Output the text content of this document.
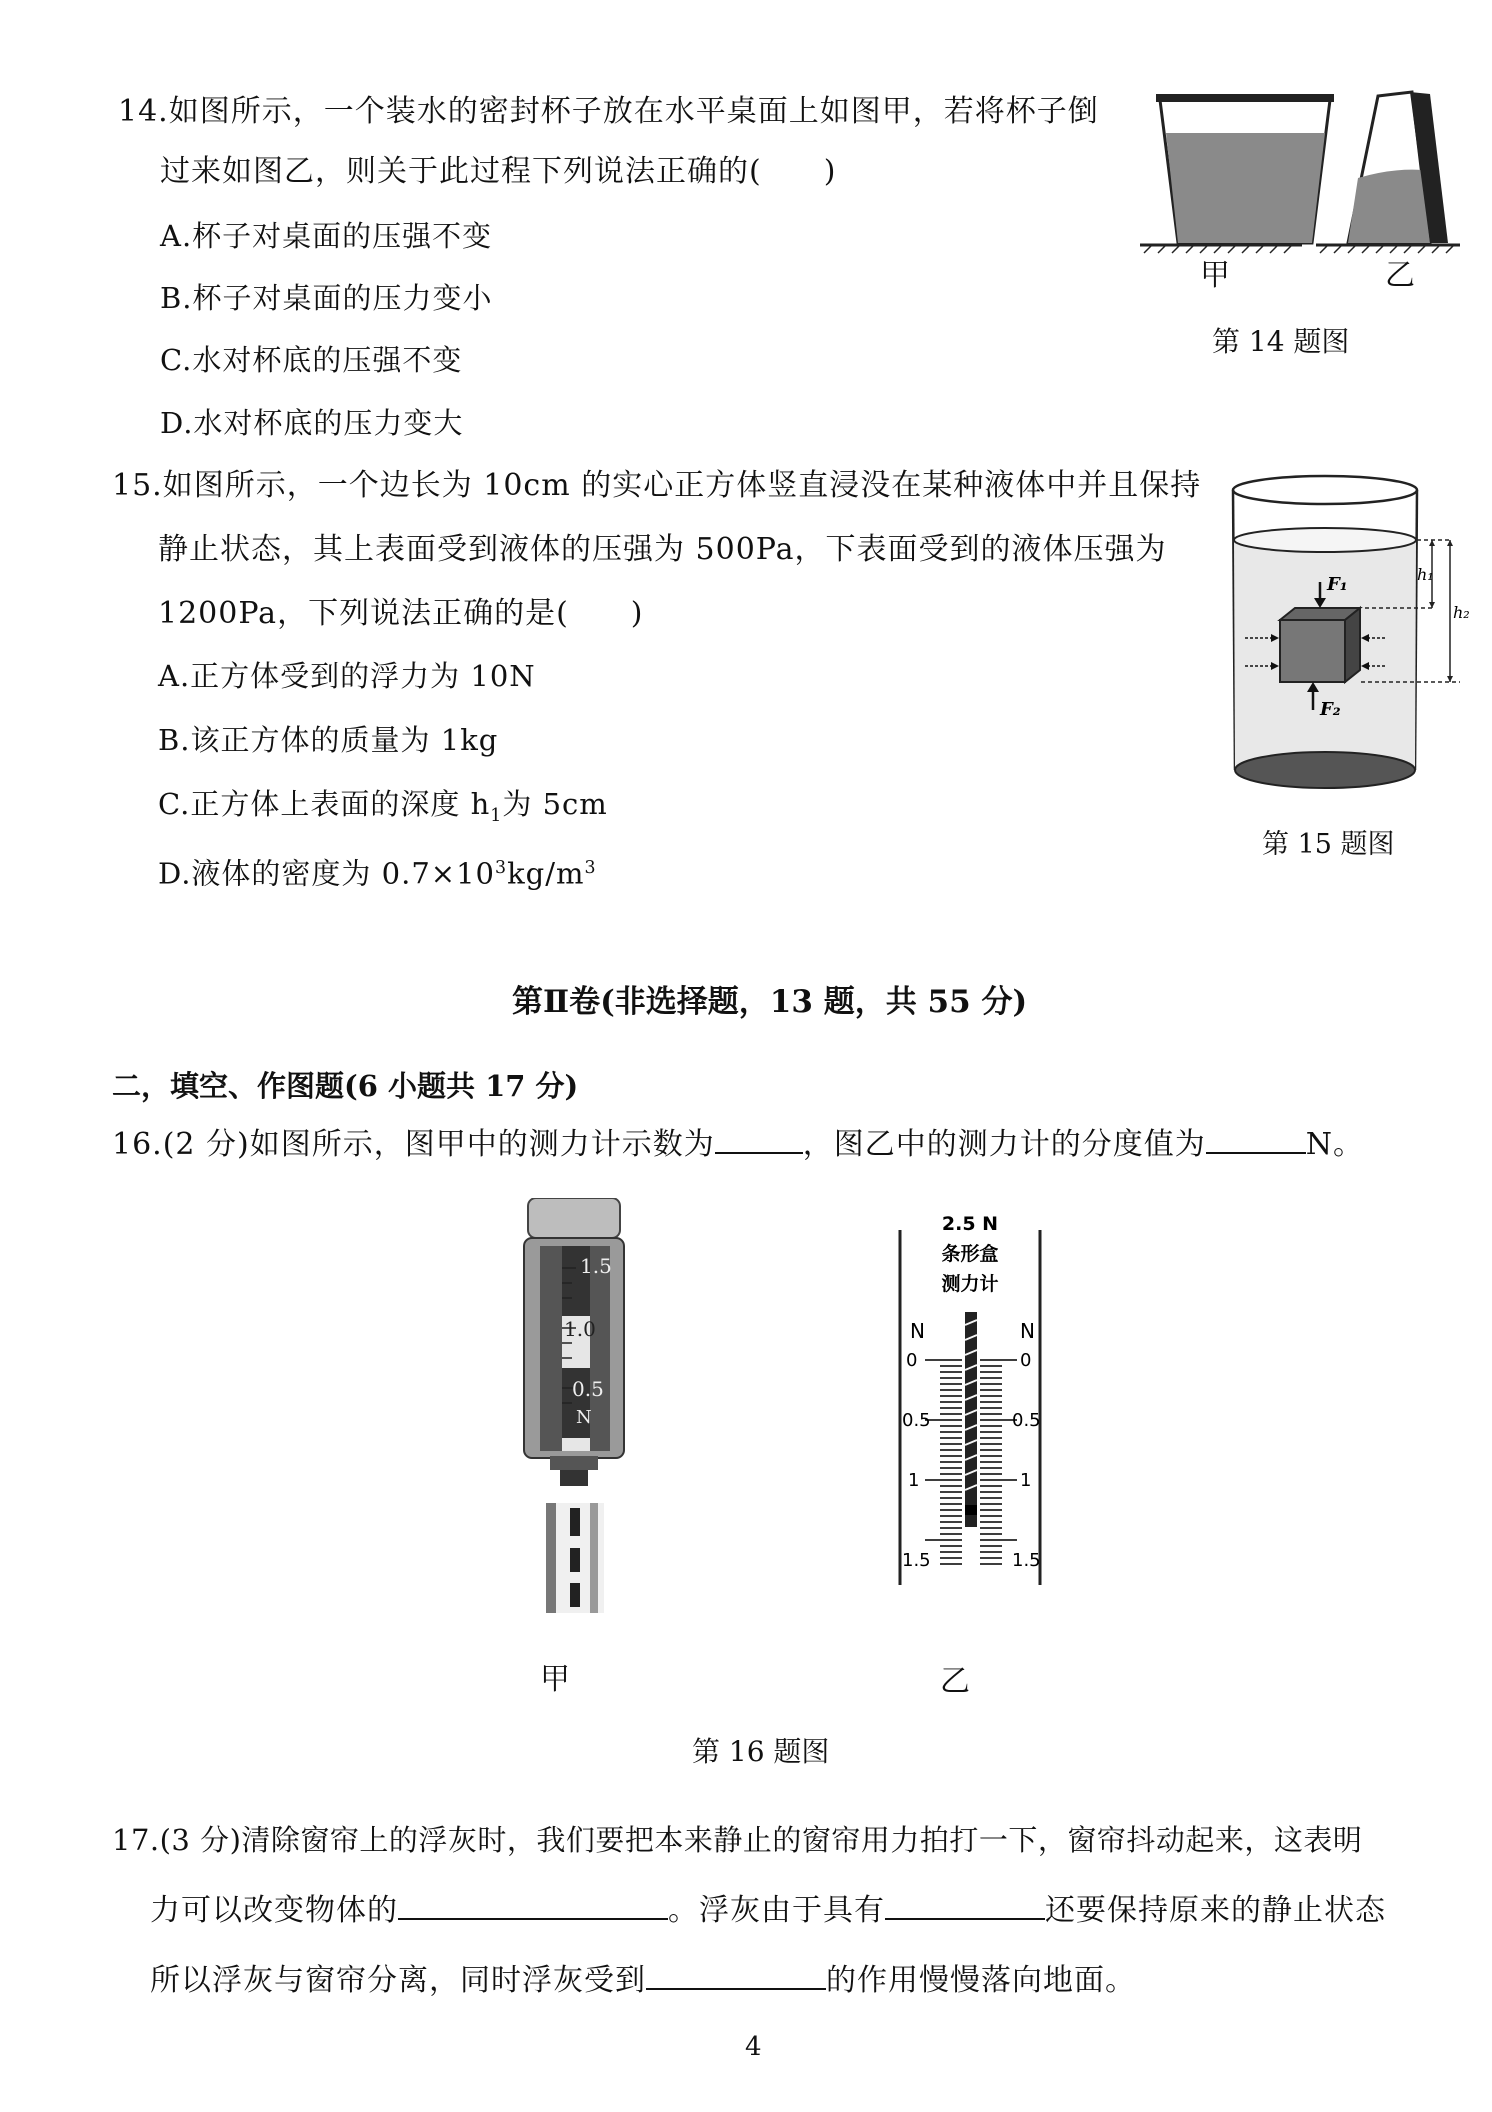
14.如图所示，一个装水的密封杯子放在水平桌面上如图甲，若将杯子倒
过来如图乙，则关于此过程下列说法正确的(　　)
A.杯子对桌面的压强不变
B.杯子对桌面的压力变小
C.水对杯底的压强不变
D.水对杯底的压力变大
甲	乙
第 14 题图
15.如图所示，一个边长为 10cm 的实心正方体竖直浸没在某种液体中并且保持
静止状态，其上表面受到液体的压强为 500Pa，下表面受到的液体压强为
1200Pa，下列说法正确的是(　　)
A.正方体受到的浮力为 10N
B.该正方体的质量为 1kg
C.正方体上表面的深度 $h_1$为 5cm
D.液体的密度为 $0.7\times 10^3kg/m^3$
h₁
h₂
F₁
F₂
第 15 题图
第Ⅱ卷(非选择题，13 题，共 55 分)
二，填空、作图题(6 小题共 17 分)
16.(2 分)如图所示，图甲中的测力计示数为	，图乙中的测力计的分度值为	N。
1.5
1.0
0.5
N
甲
2.5 N
条形盒
测力计
N	N
0	0
0.5	0.5
1	1
1.5	1.5
乙
第 16 题图
17.(3 分)清除窗帘上的浮灰时，我们要把本来静止的窗帘用力拍打一下，窗帘抖动起来，这表明
力可以改变物体的	。浮灰由于具有	还要保持原来的静止状态
所以浮灰与窗帘分离，同时浮灰受到	的作用慢慢落向地面。
4
